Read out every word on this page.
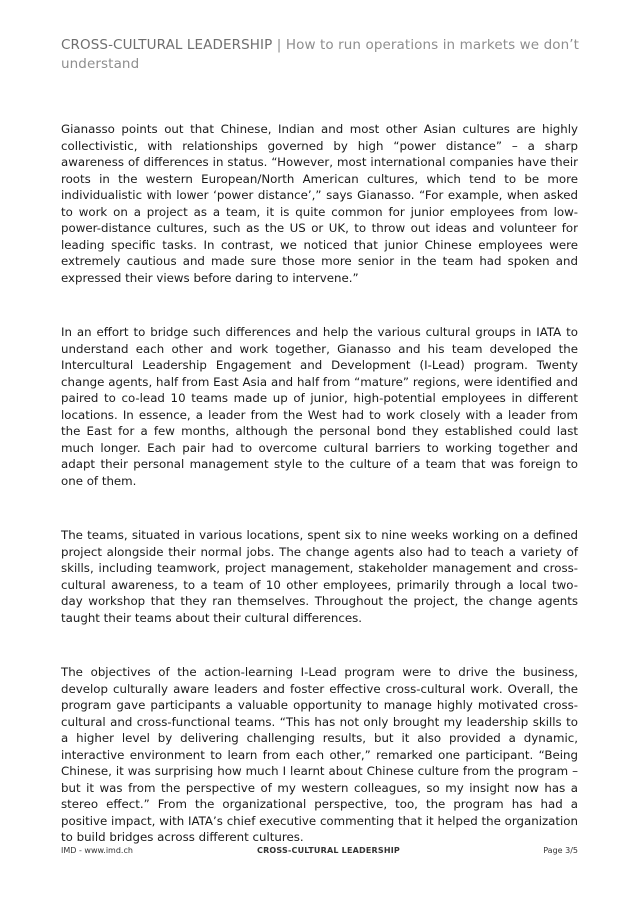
CROSS-CULTURAL LEADERSHIP | How to run operations in markets we don’t understand

Gianasso points out that Chinese, Indian and most other Asian cultures are highly collectivistic, with relationships governed by high “power distance” – a sharp awareness of differences in status. “However, most international companies have their roots in the western European/North American cultures, which tend to be more individualistic with lower ‘power distance’,” says Gianasso. “For example, when asked to work on a project as a team, it is quite common for junior employees from low-power-distance cultures, such as the US or UK, to throw out ideas and volunteer for leading specific tasks. In contrast, we noticed that junior Chinese employees were extremely cautious and made sure those more senior in the team had spoken and expressed their views before daring to intervene.”

In an effort to bridge such differences and help the various cultural groups in IATA to understand each other and work together, Gianasso and his team developed the Intercultural Leadership Engagement and Development (I-Lead) program. Twenty change agents, half from East Asia and half from “mature” regions, were identified and paired to co-lead 10 teams made up of junior, high-potential employees in different locations. In essence, a leader from the West had to work closely with a leader from the East for a few months, although the personal bond they established could last much longer. Each pair had to overcome cultural barriers to working together and adapt their personal management style to the culture of a team that was foreign to one of them.

The teams, situated in various locations, spent six to nine weeks working on a defined project alongside their normal jobs. The change agents also had to teach a variety of skills, including teamwork, project management, stakeholder management and cross-cultural awareness, to a team of 10 other employees, primarily through a local two-day workshop that they ran themselves. Throughout the project, the change agents taught their teams about their cultural differences.

The objectives of the action-learning I-Lead program were to drive the business, develop culturally aware leaders and foster effective cross-cultural work. Overall, the program gave participants a valuable opportunity to manage highly motivated cross-cultural and cross-functional teams. “This has not only brought my leadership skills to a higher level by delivering challenging results, but it also provided a dynamic, interactive environment to learn from each other,” remarked one participant. “Being Chinese, it was surprising how much I learnt about Chinese culture from the program – but it was from the perspective of my western colleagues, so my insight now has a stereo effect.” From the organizational perspective, too, the program has had a positive impact, with IATA’s chief executive commenting that it helped the organization to build bridges across different cultures.

IMD - www.imd.ch	CROSS-CULTURAL LEADERSHIP	Page 3/5
